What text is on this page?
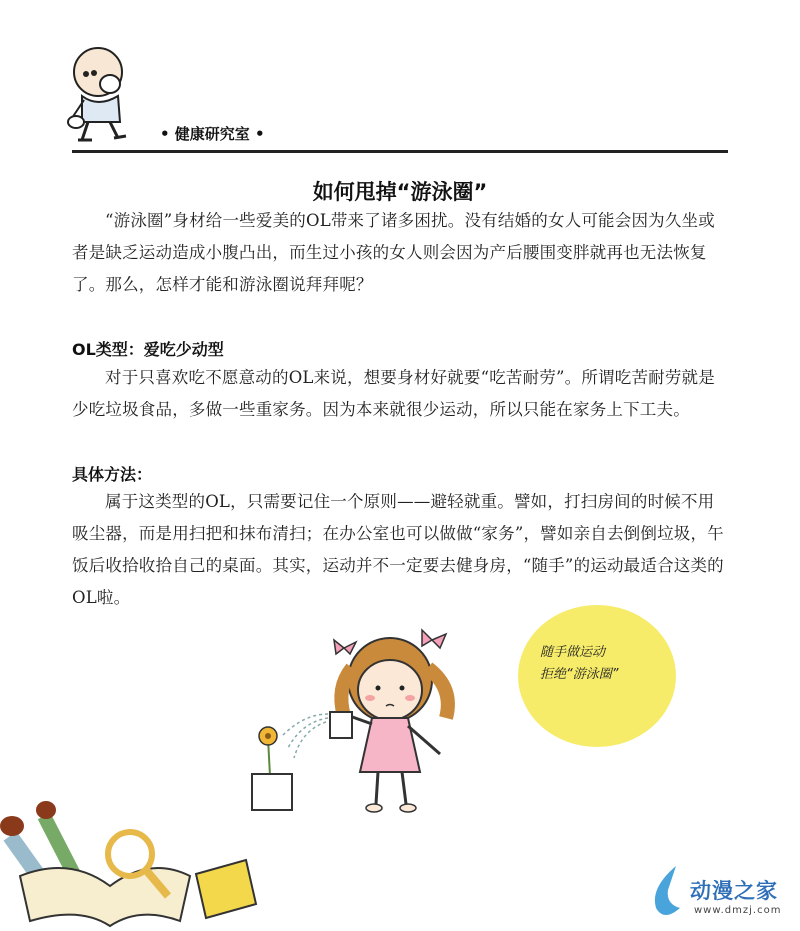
• 健康研究室 •
如何甩掉“游泳圈”
“游泳圈”身材给一些爱美的OL带来了诸多困扰。没有结婚的女人可能会因为久坐或者是缺乏运动造成小腹凸出，而生过小孩的女人则会因为产后腰围变胖就再也无法恢复了。那么，怎样才能和游泳圈说拜拜呢？
OL类型：爱吃少动型
对于只喜欢吃不愿意动的OL来说，想要身材好就要“吃苦耐劳”。所谓吃苦耐劳就是少吃垃圾食品，多做一些重家务。因为本来就很少运动，所以只能在家务上下工夫。
具体方法：
属于这类型的OL，只需要记住一个原则——避轻就重。譬如，打扫房间的时候不用吸尘器，而是用扫把和抹布清扫；在办公室也可以做做“家务”，譬如亲自去倒倒垃圾，午饭后收拾收拾自己的桌面。其实，运动并不一定要去健身房，“随手”的运动最适合这类的OL啦。
随手做运动
拒绝“游泳圈”
动漫之家
www.dmzj.com
